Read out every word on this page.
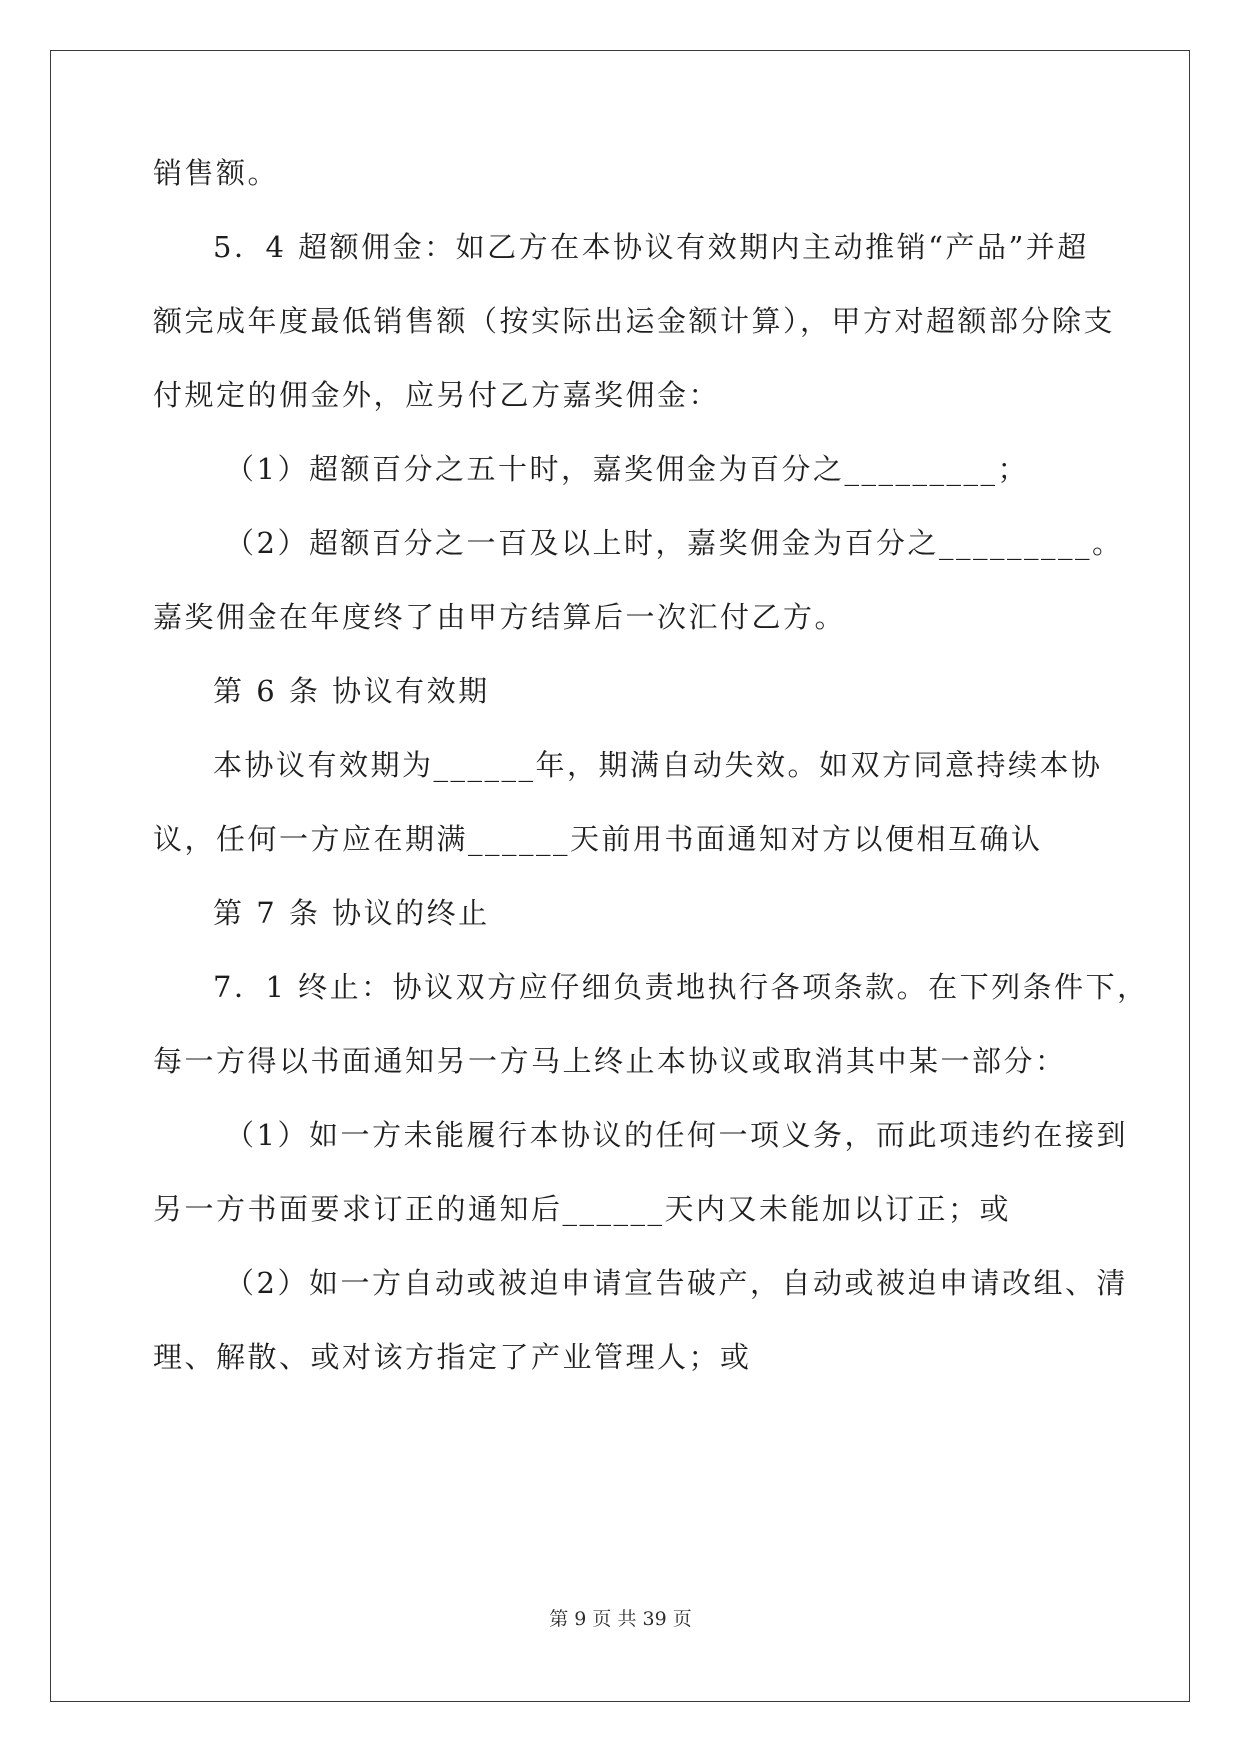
销售额。
5．4 超额佣金：如乙方在本协议有效期内主动推销“产品”并超
额完成年度最低销售额（按实际出运金额计算），甲方对超额部分除支
付规定的佣金外，应另付乙方嘉奖佣金：
（1）超额百分之五十时，嘉奖佣金为百分之_________；
（2）超额百分之一百及以上时，嘉奖佣金为百分之_________。
嘉奖佣金在年度终了由甲方结算后一次汇付乙方。
第 6 条 协议有效期
本协议有效期为______年，期满自动失效。如双方同意持续本协
议，任何一方应在期满______天前用书面通知对方以便相互确认
第 7 条 协议的终止
7．1 终止：协议双方应仔细负责地执行各项条款。在下列条件下，
每一方得以书面通知另一方马上终止本协议或取消其中某一部分：
（1）如一方未能履行本协议的任何一项义务，而此项违约在接到
另一方书面要求订正的通知后______天内又未能加以订正；或
（2）如一方自动或被迫申请宣告破产，自动或被迫申请改组、清
理、解散、或对该方指定了产业管理人；或
第 9 页 共 39 页
